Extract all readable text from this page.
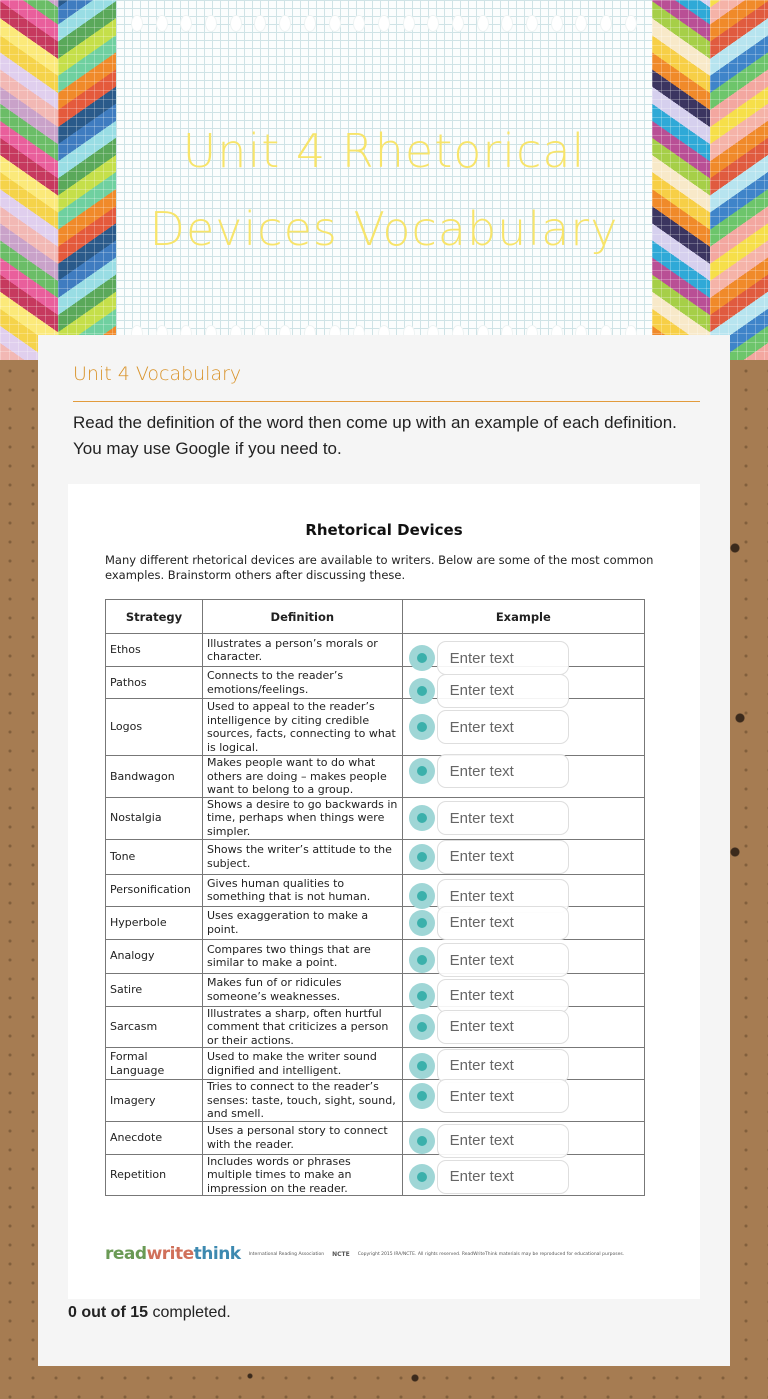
Unit 4 Rhetorical
Devices Vocabulary
Unit 4 Vocabulary

Read the definition of the word then come up with an example of each definition. You may use Google if you need to.

Rhetorical Devices

Many different rhetorical devices are available to writers. Below are some of the most common examples. Brainstorm others after discussing these.

Strategy	Definition	Example
Ethos	Illustrates a person’s morals or character.	
Enter text

Pathos	Connects to the reader’s emotions/feelings.	
Enter text

Logos	Used to appeal to the reader’s intelligence by citing credible sources, facts, connecting to what is logical.	
Enter text

Bandwagon	Makes people want to do what others are doing – makes people want to belong to a group.	
Enter text

Nostalgia	Shows a desire to go backwards in time, perhaps when things were simpler.	
Enter text

Tone	Shows the writer’s attitude to the subject.	
Enter text

Personification	Gives human qualities to something that is not human.	
Enter text

Hyperbole	Uses exaggeration to make a point.	
Enter text

Analogy	Compares two things that are similar to make a point.	
Enter text

Satire	Makes fun of or ridicules someone’s weaknesses.	
Enter text

Sarcasm	Illustrates a sharp, often hurtful comment that criticizes a person or their actions.	
Enter text

Formal Language	Used to make the writer sound dignified and intelligent.	
Enter text

Imagery	Tries to connect to the reader’s senses: taste, touch, sight, sound, and smell.	
Enter text

Anecdote	Uses a personal story to connect with the reader.	
Enter text

Repetition	Includes words or phrases multiple times to make an impression on the reader.	
Enter text
readwritethink International Reading Association NCTE Copyright 2015 IRA/NCTE. All rights reserved. ReadWriteThink materials may be reproduced for educational purposes.
0 out of 15 completed.
